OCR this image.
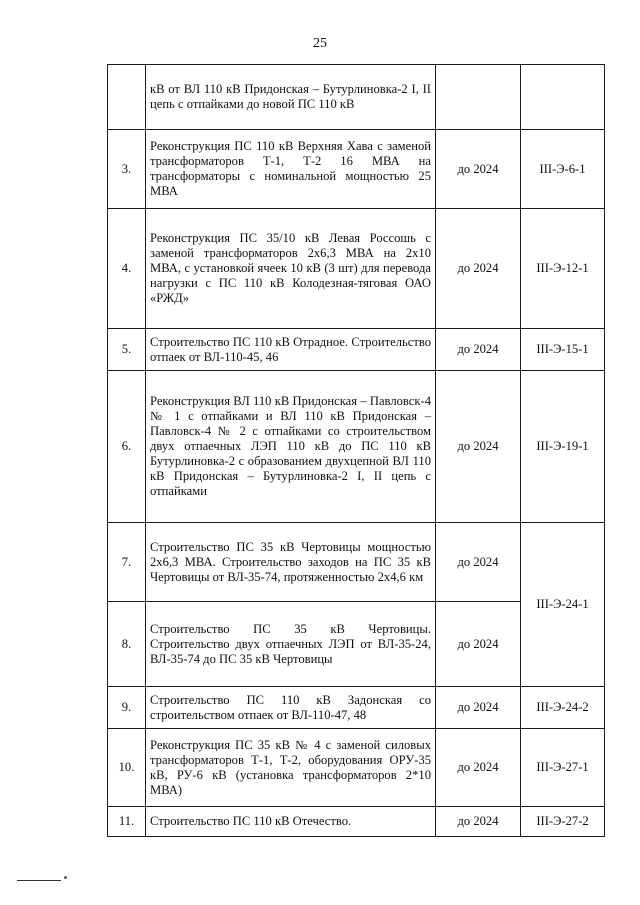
25
	кВ от ВЛ 110 кВ Придонская – Бутурлиновка-2 I, II цепь с отпайками до новой ПС 110 кВ		
3.	Реконструкция ПС 110 кВ Верхняя Хава с заменой трансформаторов Т-1, Т-2 16 МВА на трансформаторы с номинальной мощностью 25 МВА	до 2024	III-Э-6-1
4.	Реконструкция ПС 35/10 кВ Левая Россошь с заменой трансформаторов 2х6,3 МВА на 2х10 МВА, с установкой ячеек 10 кВ (3 шт) для перевода нагрузки с ПС 110 кВ Колодезная-тяговая ОАО «РЖД»	до 2024	III-Э-12-1
5.	Строительство ПС 110 кВ Отрадное. Строительство отпаек от ВЛ-110-45, 46	до 2024	III-Э-15-1
6.	Реконструкция ВЛ 110 кВ Придонская – Павловск-4 № 1 с отпайками и ВЛ 110 кВ Придонская – Павловск-4 № 2 с отпайками со строительством двух отпаечных ЛЭП 110 кВ до ПС 110 кВ Бутурлиновка-2 с образованием двухцепной ВЛ 110 кВ Придонская – Бутурлиновка-2 I, II цепь с отпайками	до 2024	III-Э-19-1
7.	Строительство ПС 35 кВ Чертовицы мощностью 2х6,3 МВА. Строительство заходов на ПС 35 кВ Чертовицы от ВЛ-35-74, протяженностью 2х4,6 км	до 2024	III-Э-24-1
8.	Строительство ПС 35 кВ Чертовицы. Строительство двух отпаечных ЛЭП от ВЛ-35-24, ВЛ-35-74 до ПС 35 кВ Чертовицы	до 2024	
9.	Строительство ПС 110 кВ Задонская со строительством отпаек от ВЛ-110-47, 48	до 2024	III-Э-24-2
10.	Реконструкция ПС 35 кВ № 4 с заменой силовых трансформаторов Т-1, Т-2, оборудования ОРУ-35 кВ, РУ-6 кВ (установка трансформаторов 2*10 МВА)	до 2024	III-Э-27-1
11.	Строительство ПС 110 кВ Отечество.	до 2024	III-Э-27-2
